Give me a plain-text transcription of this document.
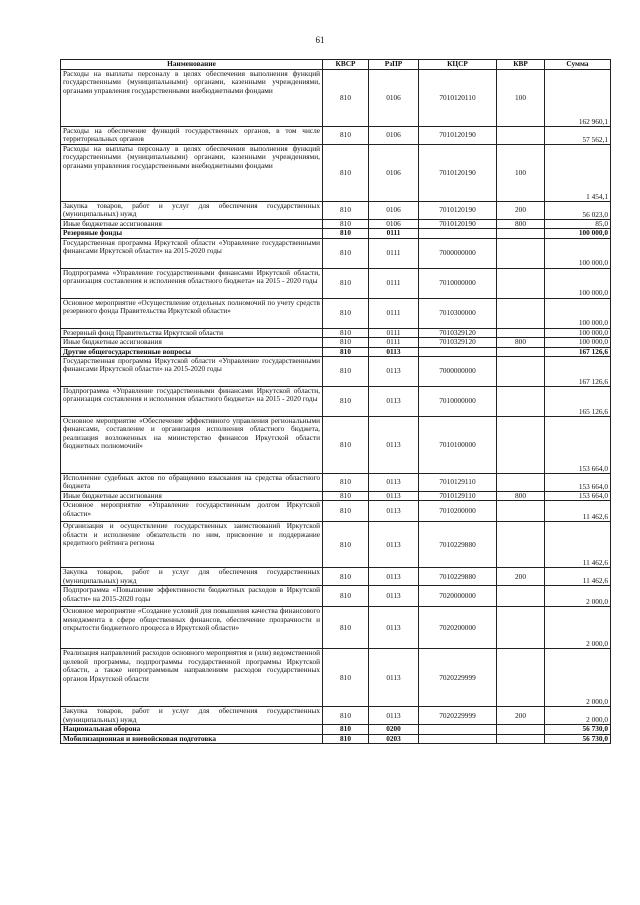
61
Наименование	КВСР	РзПР	КЦСР	КВР	Сумма
Расходы на выплаты персоналу в целях обеспечения выполнения функций государственными (муниципальными) органами, казенными учреждениями, органами управления государственными внебюджетными фондами	810	0106	7010120110	100	162 960,1
Расходы на обеспечение функций государственных органов, в том числе территориальных органов	810	0106	7010120190		57 562,1
Расходы на выплаты персоналу в целях обеспечения выполнения функций государственными (муниципальными) органами, казенными учреждениями, органами управления государственными внебюджетными фондами	810	0106	7010120190	100	1 454,1
Закупка товаров, работ и услуг для обеспечения государственных (муниципальных) нужд	810	0106	7010120190	200	56 023,0
Иные бюджетные ассигнования	810	0106	7010120190	800	85,0
Резервные фонды	810	0111			100 000,0
Государственная программа Иркутской области «Управление государственными финансами Иркутской области» на 2015-2020 годы	810	0111	7000000000		100 000,0
Подпрограмма «Управление государственными финансами Иркутской области, организация составления и исполнения областного бюджета» на 2015 - 2020 годы	810	0111	7010000000		100 000,0
Основное мероприятие «Осуществление отдельных полномочий по учету средств резервного фонда Правительства Иркутской области»	810	0111	7010300000		100 000,0
Резервный фонд Правительства Иркутской области	810	0111	7010329120		100 000,0
Иные бюджетные ассигнования	810	0111	7010329120	800	100 000,0
Другие общегосударственные вопросы	810	0113			167 126,6
Государственная программа Иркутской области «Управление государственными финансами Иркутской области» на 2015-2020 годы	810	0113	7000000000		167 126,6
Подпрограмма «Управление государственными финансами Иркутской области, организация составления и исполнения областного бюджета» на 2015 - 2020 годы	810	0113	7010000000		165 126,6
Основное мероприятие «Обеспечение эффективного управления региональными финансами, составление и организация исполнения областного бюджета, реализация возложенных на министерство финансов Иркутской области бюджетных полномочий»	810	0113	7010100000		153 664,0
Исполнение судебных актов по обращению взыскания на средства областного бюджета	810	0113	7010129110		153 664,0
Иные бюджетные ассигнования	810	0113	7010129110	800	153 664,0
Основное мероприятие «Управление государственным долгом Иркутской области»	810	0113	7010200000		11 462,6
Организация и осуществление государственных заимствований Иркутской области и исполнение обязательств по ним, присвоение и поддержание кредитного рейтинга региона	810	0113	7010229880		11 462,6
Закупка товаров, работ и услуг для обеспечения государственных (муниципальных) нужд	810	0113	7010229880	200	11 462,6
Подпрограмма «Повышение эффективности бюджетных расходов в Иркутской области» на 2015-2020 годы	810	0113	7020000000		2 000,0
Основное мероприятие «Создание условий для повышения качества финансового менеджмента в сфере общественных финансов, обеспечение прозрачности и открытости бюджетного процесса в Иркутской области»	810	0113	7020200000		2 000,0
Реализация направлений расходов основного мероприятия и (или) ведомственной целевой программы, подпрограммы государственной программы Иркутской области, а также непрограммным направлениям расходов государственных органов Иркутской области	810	0113	7020229999		2 000,0
Закупка товаров, работ и услуг для обеспечения государственных (муниципальных) нужд	810	0113	7020229999	200	2 000,0
Национальная оборона	810	0200			56 730,0
Мобилизационная и вневойсковая подготовка	810	0203			56 730,0
